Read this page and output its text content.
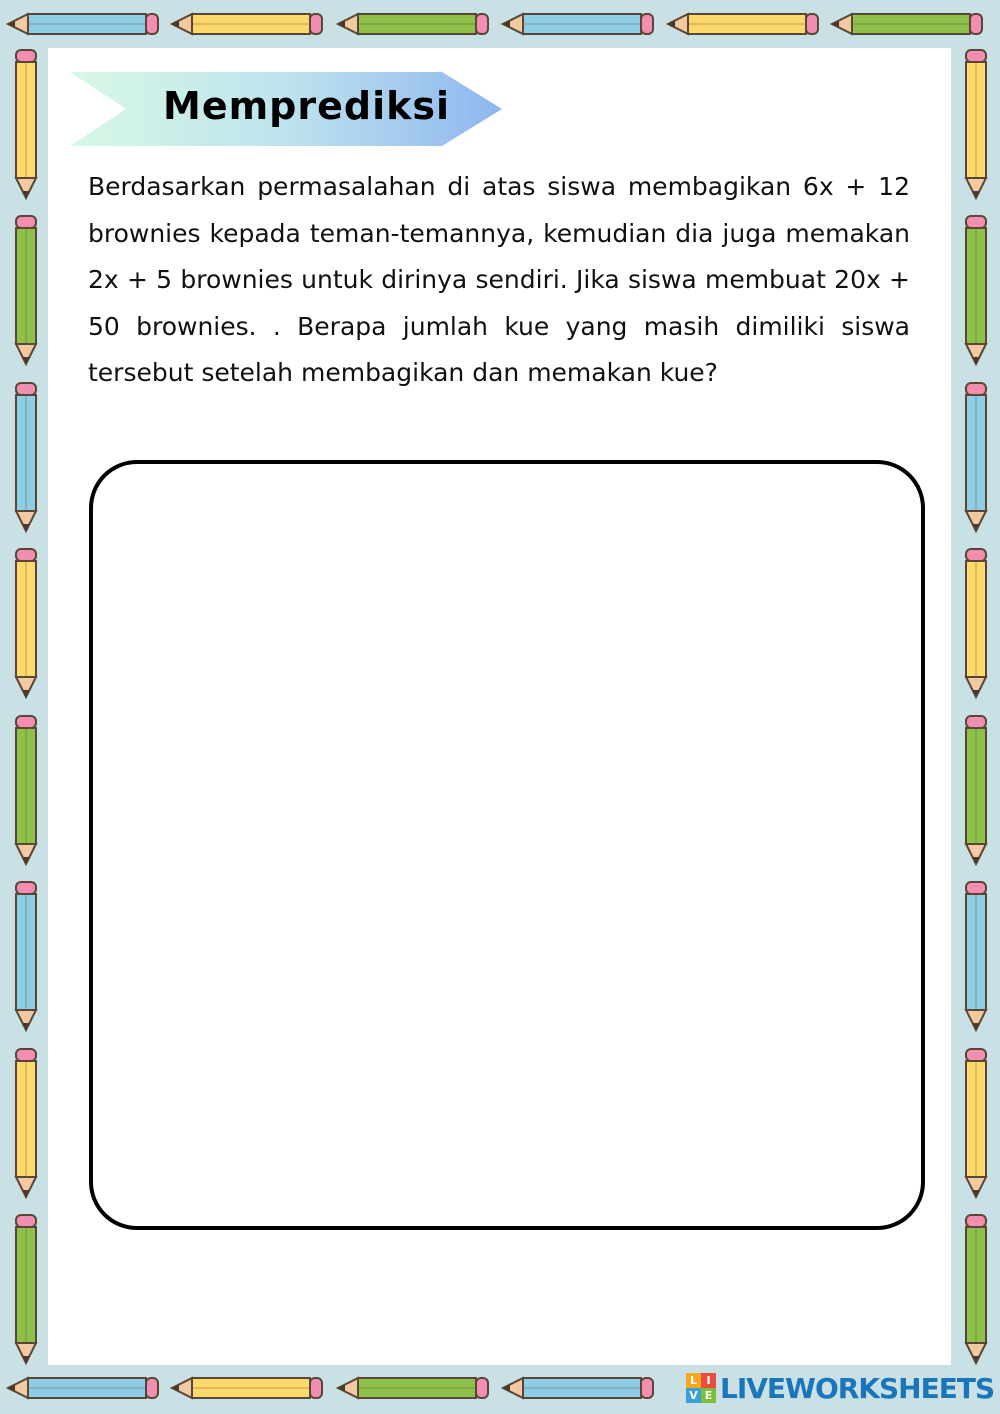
Memprediksi
Berdasarkan permasalahan di atas siswa membagikan 6x + 12 brownies kepada teman-temannya, kemudian dia juga memakan 2x + 5 brownies untuk dirinya sendiri. Jika siswa membuat 20x + 50 brownies. . Berapa jumlah kue yang masih dimiliki siswa tersebut setelah membagikan dan memakan kue?
L I
V E LIVEWORKSHEETS
